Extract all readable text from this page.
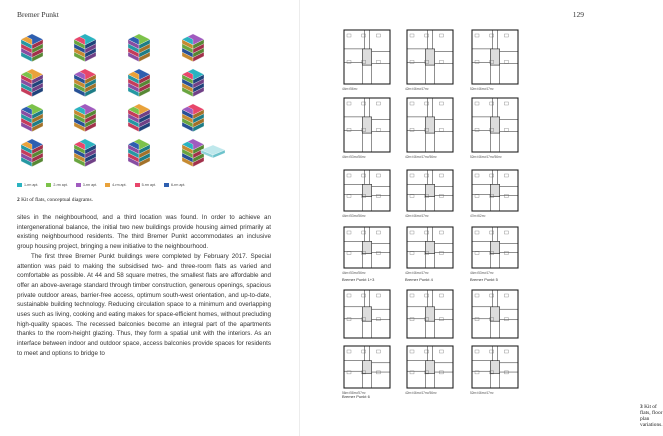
Bremer Punkt
1-rm apt.	2-rm apt.	3-rm apt.	4-rm apt.	5-rm apt.	6-rm apt.
2 Kit of flats, conceptual diagrams.

sites in the neighbourhood, and a third location was found. In order to achieve an intergenerational balance, the initial two new buildings provide housing aimed primarily at existing neighbourhood residents. The third Bremer Punkt accommodates an inclusive group housing project, bringing a new initiative to the neighbourhood.

The first three Bremer Punkt buildings were completed by February 2017. Special attention was paid to making the subsidised two- and three-room flats as varied and comfortable as possible. At 44 and 58 square metres, the smallest flats are affordable and offer an above-average standard through timber construction, generous openings, spacious private outdoor areas, barrier-free access, optimum south-west orientation, and up-to-date, sustainable building technology. Reducing circulation space to a minimum and overlapping uses such as living, cooking and eating makes for space-efficient homes, without precluding high-quality spaces. The recessed balconies become an integral part of the apartments thanks to the room-height glazing. Thus, they form a spatial unit with the interiors. As an interface between indoor and outdoor space, access balconies provide spaces for residents to meet and options to bridge to

129
3 Kit of flats, floor plan variations.
44m²/56m²	42m²/46m²/47m²	52m²/46m²/47m²
44m²/53m²/56m²	42m²/46m²/47m²/56m²	52m²/46m²/47m²/56m²
44m²/53m²/56m²	42m²/46m²/47m²	47m²/62m²
44m²/53m²/56m²	42m²/46m²/47m²	44m²/53m²/47m²
Bremer Punkt 1+3	Bremer Punkt 4	Bremer Punkt 5
56m²/58m²/57m²	42m²/46m²/47m²/56m²	52m²/46m²/47m²
Bremer Punkt 6
